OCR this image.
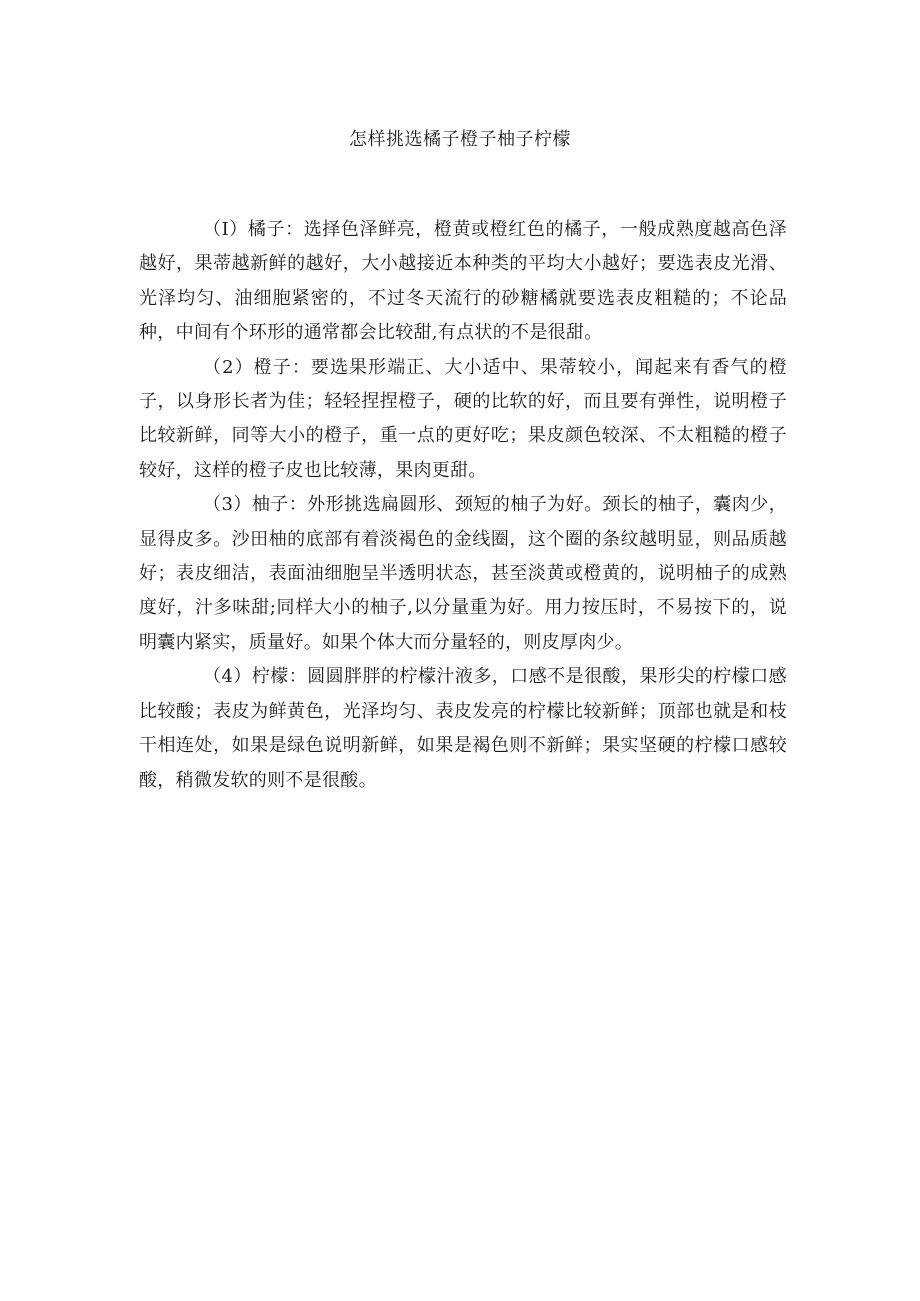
怎样挑选橘子橙子柚子柠檬

（I）橘子：选择色泽鲜亮，橙黄或橙红色的橘子，一般成熟度越高色泽越好，果蒂越新鲜的越好，大小越接近本种类的平均大小越好；要选表皮光滑、光泽均匀、油细胞紧密的，不过冬天流行的砂糖橘就要选表皮粗糙的；不论品种，中间有个环形的通常都会比较甜,有点状的不是很甜。

（2）橙子：要选果形端正、大小适中、果蒂较小，闻起来有香气的橙子，以身形长者为佳；轻轻捏捏橙子，硬的比软的好，而且要有弹性，说明橙子比较新鲜，同等大小的橙子，重一点的更好吃；果皮颜色较深、不太粗糙的橙子较好，这样的橙子皮也比较薄，果肉更甜。

（3）柚子：外形挑选扁圆形、颈短的柚子为好。颈长的柚子，囊肉少，显得皮多。沙田柚的底部有着淡褐色的金线圈，这个圈的条纹越明显，则品质越好；表皮细洁，表面油细胞呈半透明状态，甚至淡黄或橙黄的，说明柚子的成熟度好，汁多味甜;同样大小的柚子,以分量重为好。用力按压时，不易按下的，说明囊内紧实，质量好。如果个体大而分量轻的，则皮厚肉少。

（4）柠檬：圆圆胖胖的柠檬汁液多，口感不是很酸，果形尖的柠檬口感比较酸；表皮为鲜黄色，光泽均匀、表皮发亮的柠檬比较新鲜；顶部也就是和枝干相连处，如果是绿色说明新鲜，如果是褐色则不新鲜；果实坚硬的柠檬口感较酸，稍微发软的则不是很酸。
